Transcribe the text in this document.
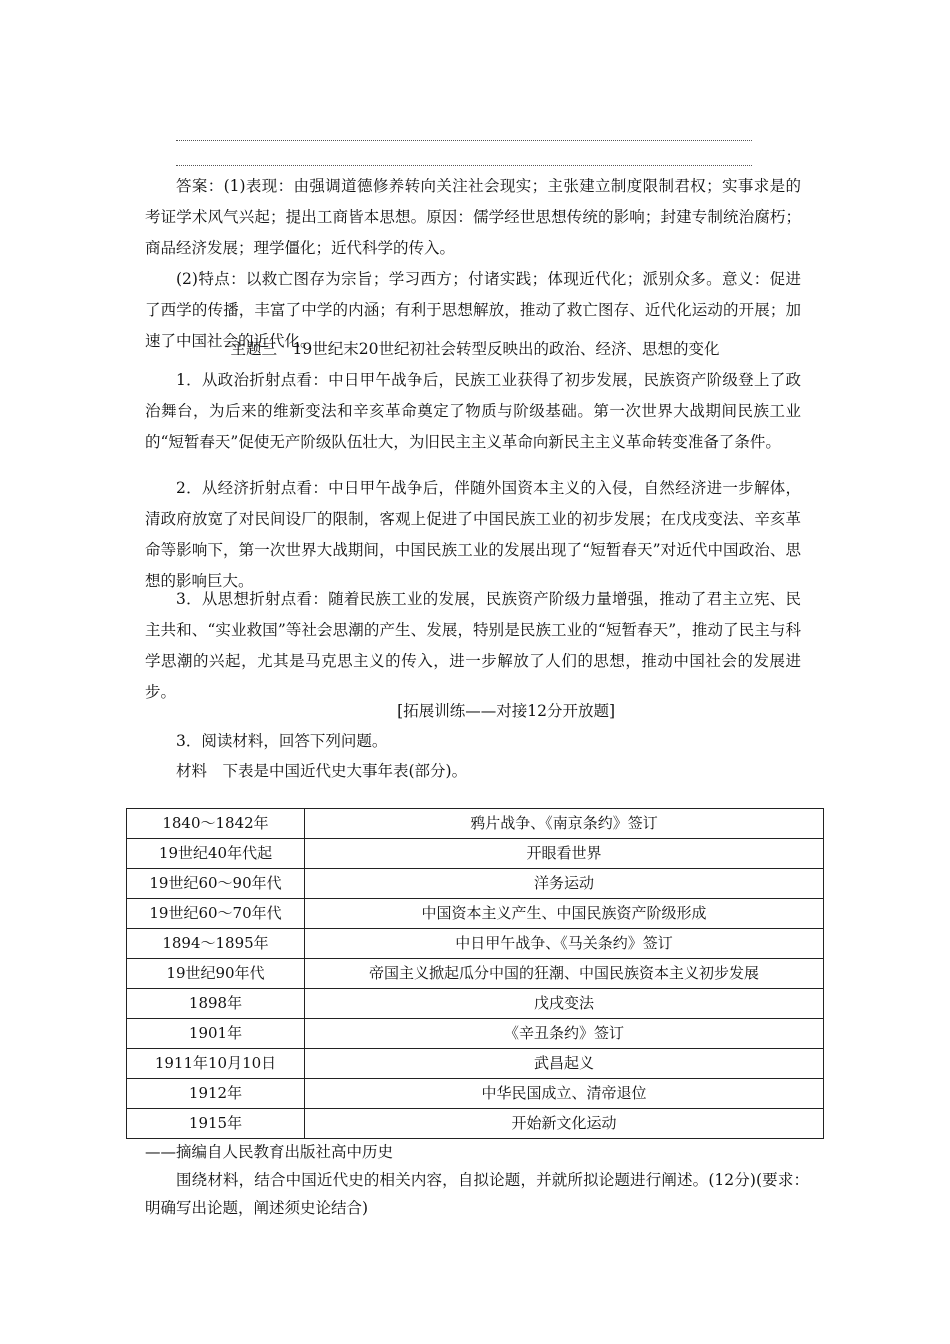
答案：(1)表现：由强调道德修养转向关注社会现实；主张建立制度限制君权；实事求是的考证学术风气兴起；提出工商皆本思想。原因：儒学经世思想传统的影响；封建专制统治腐朽；商品经济发展；理学僵化；近代科学的传入。

(2)特点：以救亡图存为宗旨；学习西方；付诸实践；体现近代化；派别众多。意义：促进了西学的传播，丰富了中学的内涵；有利于思想解放，推动了救亡图存、近代化运动的开展；加速了中国社会的近代化。

主题三　19世纪末20世纪初社会转型反映出的政治、经济、思想的变化

1．从政治折射点看：中日甲午战争后，民族工业获得了初步发展，民族资产阶级登上了政治舞台，为后来的维新变法和辛亥革命奠定了物质与阶级基础。第一次世界大战期间民族工业的“短暂春天”促使无产阶级队伍壮大，为旧民主主义革命向新民主主义革命转变准备了条件。

2．从经济折射点看：中日甲午战争后，伴随外国资本主义的入侵，自然经济进一步解体，清政府放宽了对民间设厂的限制，客观上促进了中国民族工业的初步发展；在戊戌变法、辛亥革命等影响下，第一次世界大战期间，中国民族工业的发展出现了“短暂春天”对近代中国政治、思想的影响巨大。

3．从思想折射点看：随着民族工业的发展，民族资产阶级力量增强，推动了君主立宪、民主共和、“实业救国”等社会思潮的产生、发展，特别是民族工业的“短暂春天”，推动了民主与科学思潮的兴起，尤其是马克思主义的传入，进一步解放了人们的思想，推动中国社会的发展进步。

[拓展训练——对接12分开放题]

3．阅读材料，回答下列问题。

材料　下表是中国近代史大事年表(部分)。

1840～1842年	鸦片战争、《南京条约》签订
19世纪40年代起	开眼看世界
19世纪60～90年代	洋务运动
19世纪60～70年代	中国资本主义产生、中国民族资产阶级形成
1894～1895年	中日甲午战争、《马关条约》签订
19世纪90年代	帝国主义掀起瓜分中国的狂潮、中国民族资本主义初步发展
1898年	戊戌变法
1901年	《辛丑条约》签订
1911年10月10日	武昌起义
1912年	中华民国成立、清帝退位
1915年	开始新文化运动

——摘编自人民教育出版社高中历史

围绕材料，结合中国近代史的相关内容，自拟论题，并就所拟论题进行阐述。(12分)(要求：明确写出论题，阐述须史论结合)
